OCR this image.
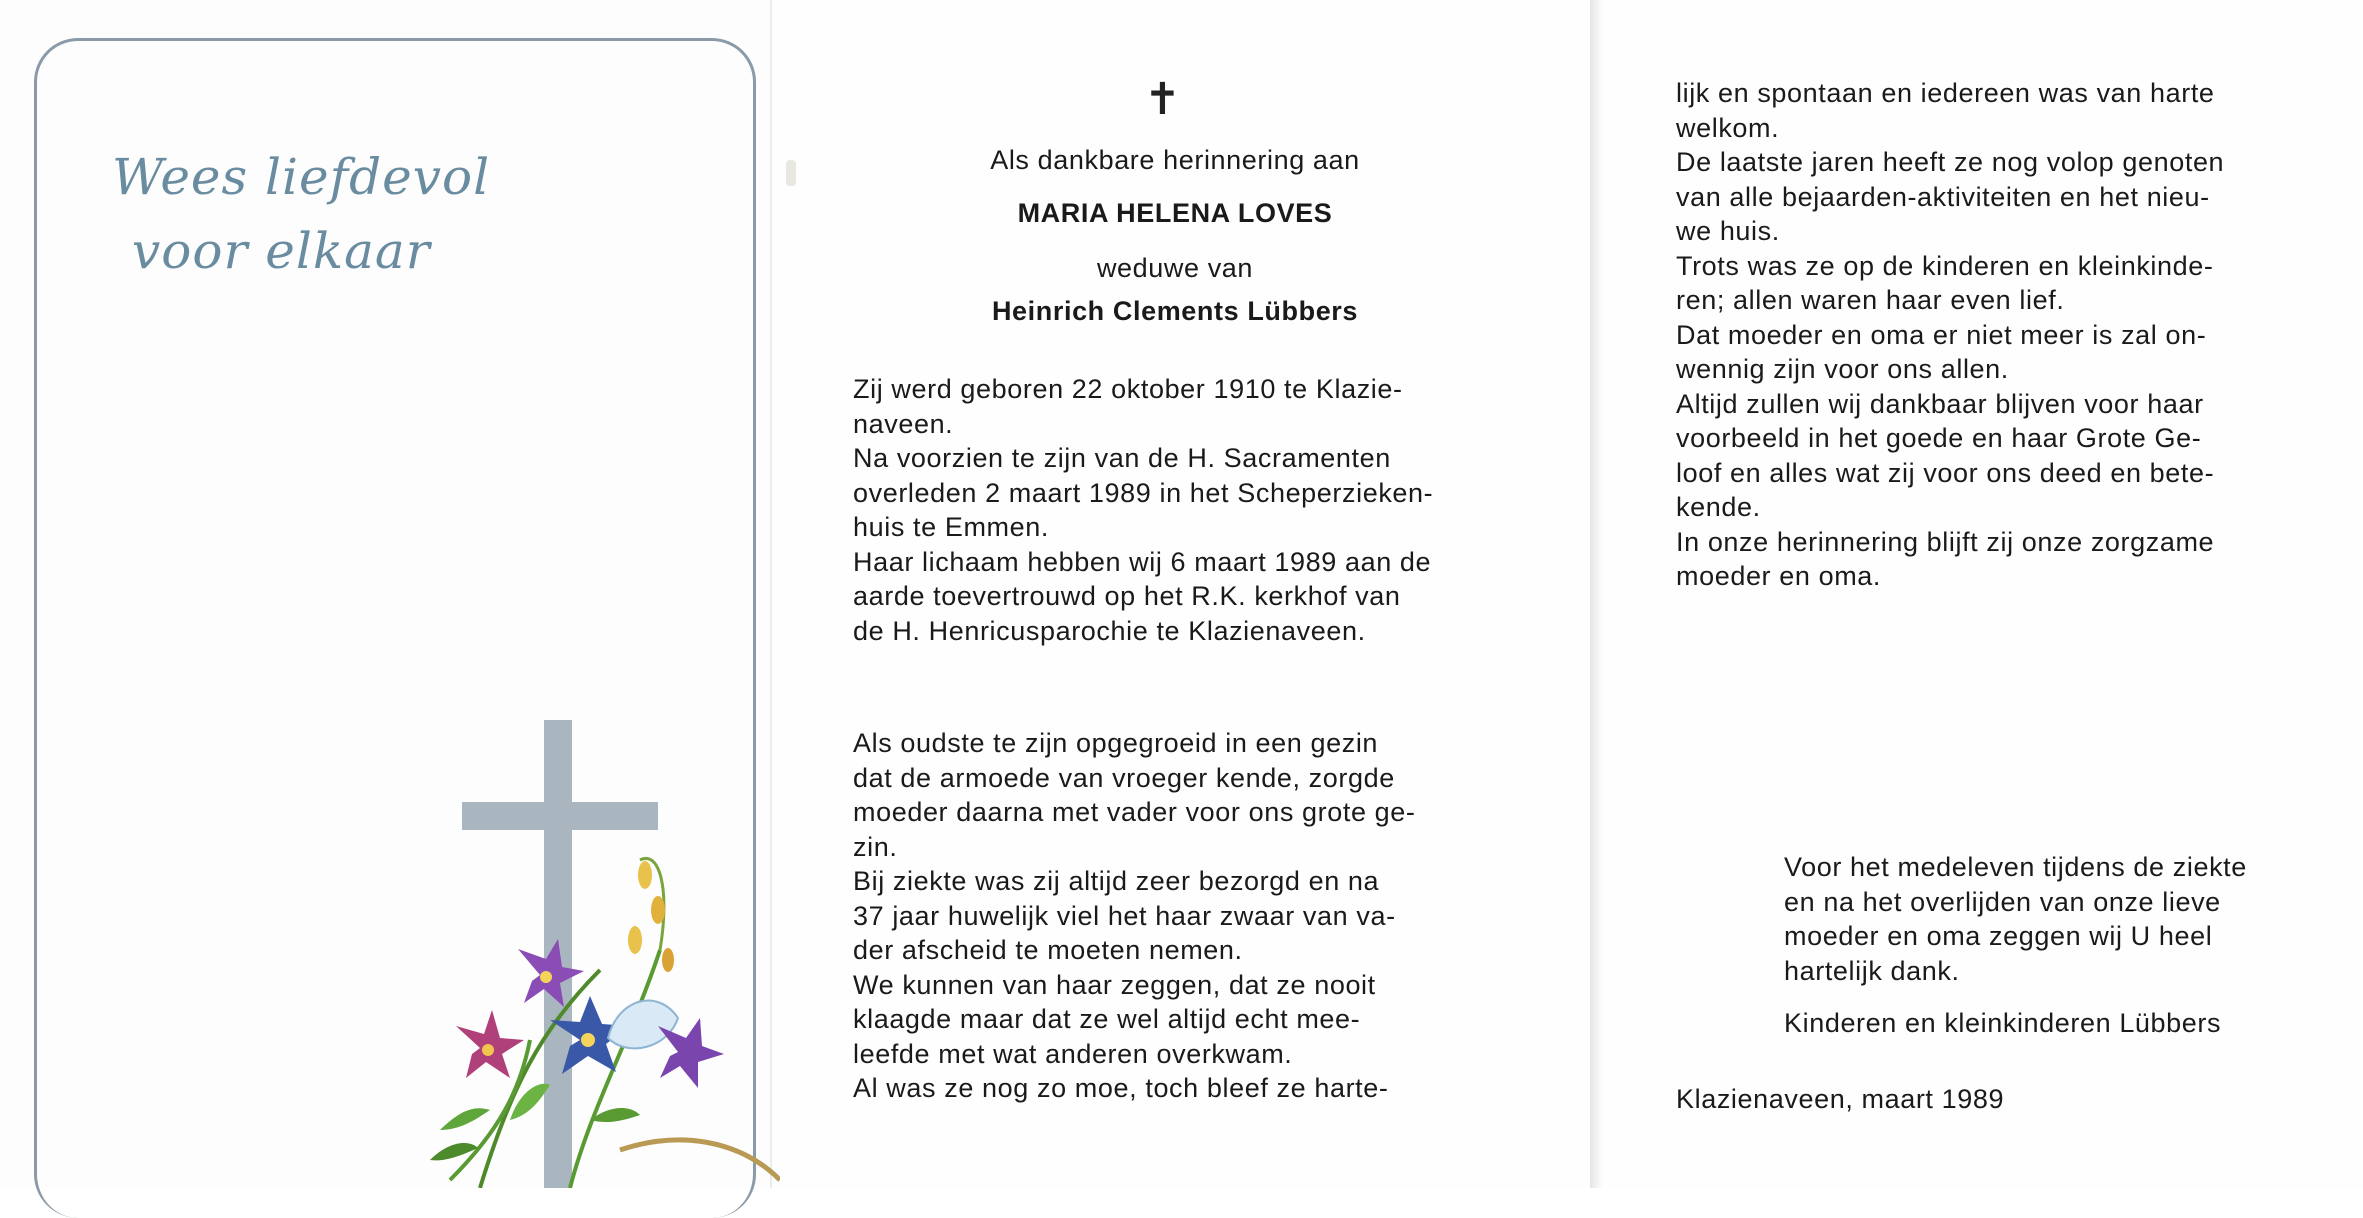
Wees liefdevol
voor elkaar
✝
Als dankbare herinnering aan
MARIA HELENA LOVES
weduwe van
Heinrich Clements Lübbers
Zij werd geboren 22 oktober 1910 te Klazie-
naveen.
Na voorzien te zijn van de H. Sacramenten
overleden 2 maart 1989 in het Scheperzieken-
huis te Emmen.
Haar lichaam hebben wij 6 maart 1989 aan de
aarde toevertrouwd op het R.K. kerkhof van
de H. Henricusparochie te Klazienaveen.
Als oudste te zijn opgegroeid in een gezin
dat de armoede van vroeger kende, zorgde
moeder daarna met vader voor ons grote ge-
zin.
Bij ziekte was zij altijd zeer bezorgd en na
37 jaar huwelijk viel het haar zwaar van va-
der afscheid te moeten nemen.
We kunnen van haar zeggen, dat ze nooit
klaagde maar dat ze wel altijd echt mee-
leefde met wat anderen overkwam.
Al was ze nog zo moe, toch bleef ze harte-
lijk en spontaan en iedereen was van harte
welkom.
De laatste jaren heeft ze nog volop genoten
van alle bejaarden-aktiviteiten en het nieu-
we huis.
Trots was ze op de kinderen en kleinkinde-
ren; allen waren haar even lief.
Dat moeder en oma er niet meer is zal on-
wennig zijn voor ons allen.
Altijd zullen wij dankbaar blijven voor haar
voorbeeld in het goede en haar Grote Ge-
loof en alles wat zij voor ons deed en bete-
kende.
In onze herinnering blijft zij onze zorgzame
moeder en oma.
Voor het medeleven tijdens de ziekte
en na het overlijden van onze lieve
moeder en oma zeggen wij U heel
hartelijk dank.
Kinderen en kleinkinderen Lübbers
Klazienaveen, maart 1989
